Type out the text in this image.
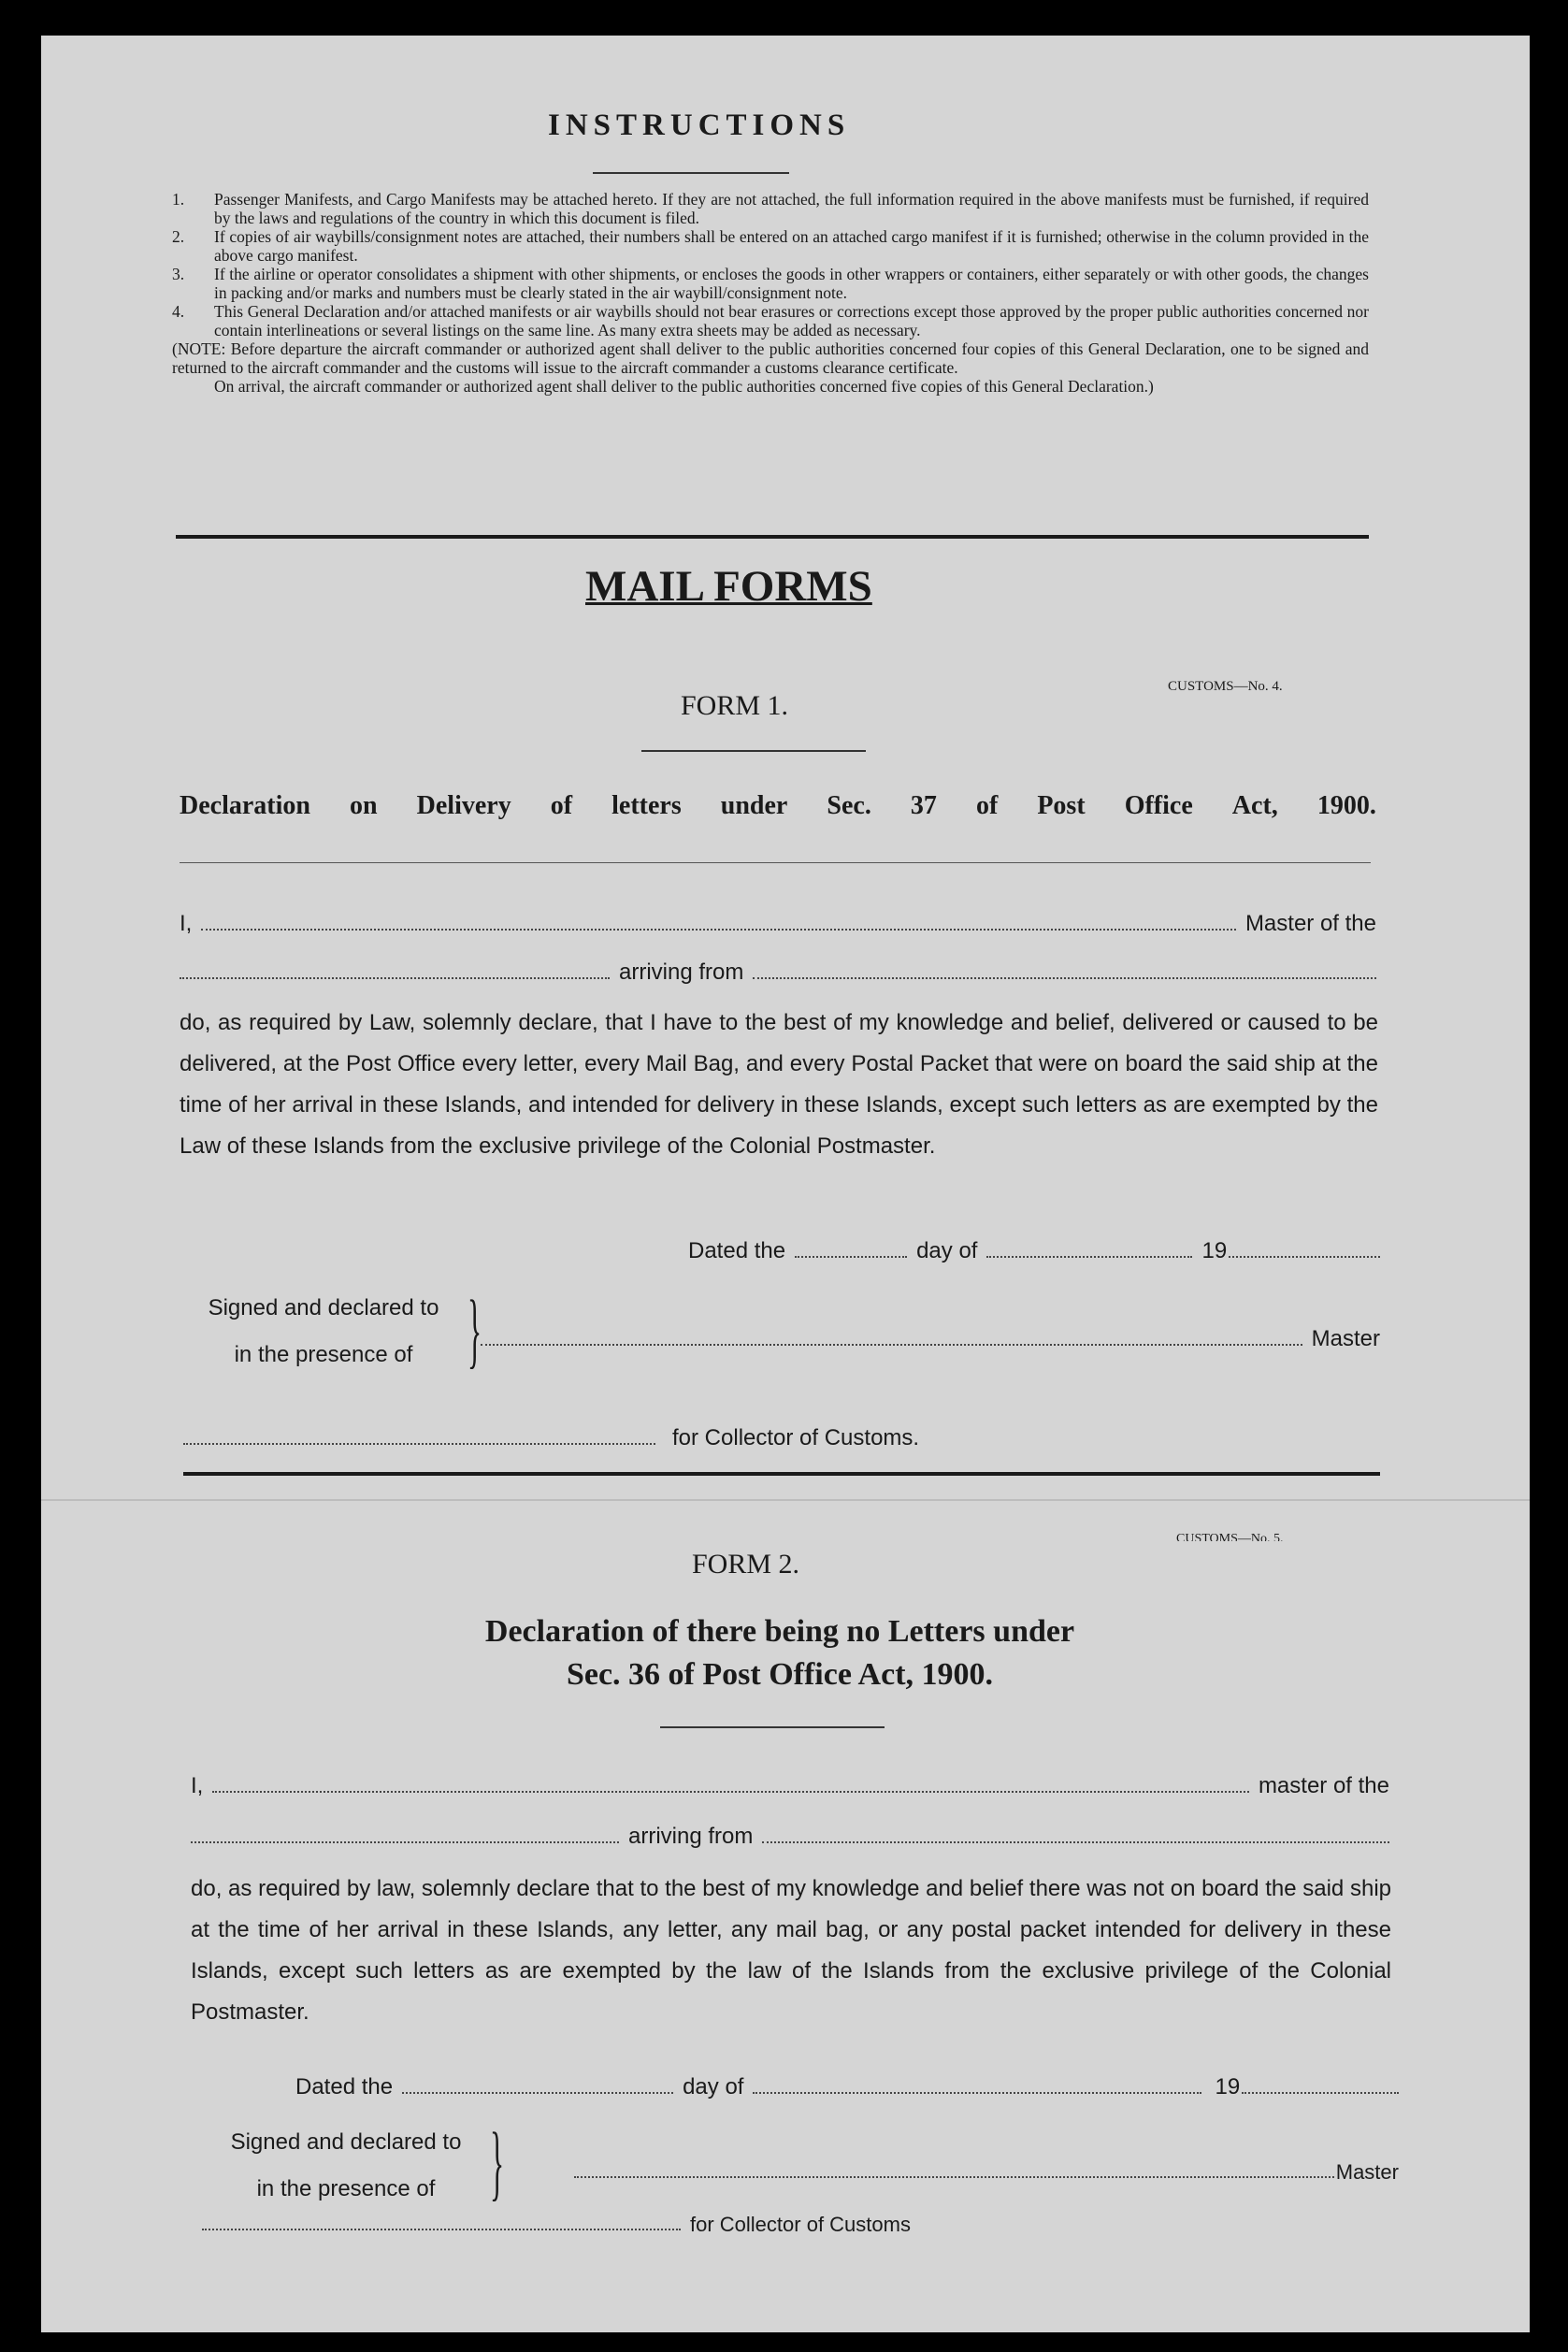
INSTRUCTIONS
1. Passenger Manifests, and Cargo Manifests may be attached hereto. If they are not attached, the full information required in the above manifests must be furnished, if required by the laws and regulations of the country in which this document is filed.
2. If copies of air waybills/consignment notes are attached, their numbers shall be entered on an attached cargo manifest if it is furnished; otherwise in the column provided in the above cargo manifest.
3. If the airline or operator consolidates a shipment with other shipments, or encloses the goods in other wrappers or containers, either separately or with other goods, the changes in packing and/or marks and numbers must be clearly stated in the air waybill/consignment note.
4. This General Declaration and/or attached manifests or air waybills should not bear erasures or corrections except those approved by the proper public authorities concerned nor contain interlineations or several listings on the same line. As many extra sheets may be added as necessary.
(NOTE: Before departure the aircraft commander or authorized agent shall deliver to the public authorities concerned four copies of this General Declaration, one to be signed and returned to the aircraft commander and the customs will issue to the aircraft commander a customs clearance certificate.
On arrival, the aircraft commander or authorized agent shall deliver to the public authorities concerned five copies of this General Declaration.)
MAIL FORMS
CUSTOMS—No. 4.
FORM 1.
Declaration on Delivery of letters under Sec. 37 of Post Office Act, 1900.
I,	Master of the
arriving from
do, as required by Law, solemnly declare, that I have to the best of my knowledge and belief, delivered or caused to be delivered, at the Post Office every letter, every Mail Bag, and every Postal Packet that were on board the said ship at the time of her arrival in these Islands, and intended for delivery in these Islands, except such letters as are exempted by the Law of these Islands from the exclusive privilege of the Colonial Postmaster.
Dated the	day of	19
Signed and declared to
in the presence of }	Master
for Collector of Customs.
CUSTOMS—No. 5.
FORM 2.
Declaration of there being no Letters under
Sec. 36 of Post Office Act, 1900.
I,	master of the
arriving from
do, as required by law, solemnly declare that to the best of my knowledge and belief there was not on board the said ship at the time of her arrival in these Islands, any letter, any mail bag, or any postal packet intended for delivery in these Islands, except such letters as are exempted by the law of the Islands from the exclusive privilege of the Colonial Postmaster.
Dated the	day of	19
Signed and declared to
in the presence of }	Master
for Collector of Customs
